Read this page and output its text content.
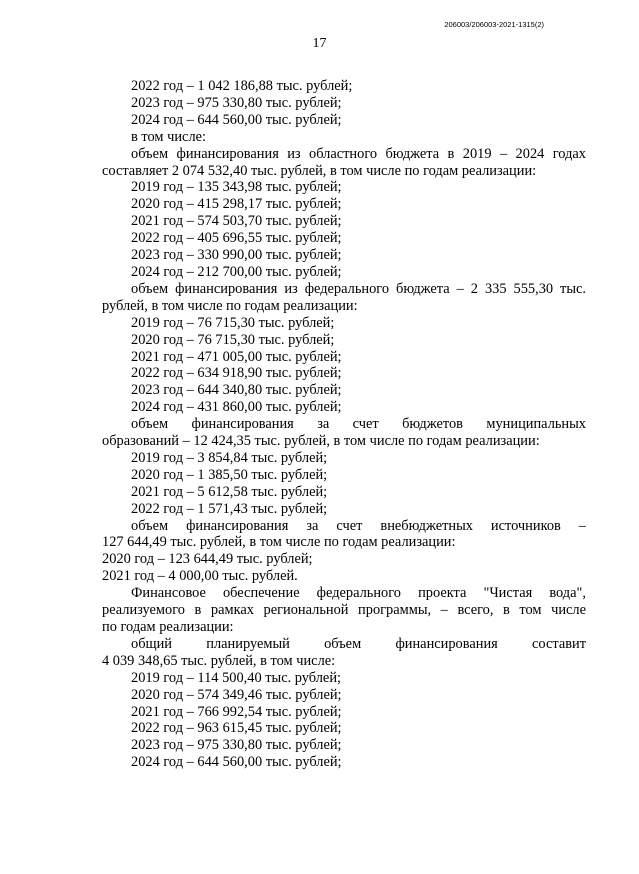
206003/206003-2021-1315(2)
17

2022 год – 1 042 186,88 тыс. рублей;

2023 год – 975 330,80 тыс. рублей;

2024 год – 644 560,00 тыс. рублей;

в том числе:

объем финансирования из областного бюджета в 2019 – 2024 годах

составляет 2 074 532,40 тыс. рублей, в том числе по годам реализации:

2019 год – 135 343,98 тыс. рублей;

2020 год – 415 298,17 тыс. рублей;

2021 год – 574 503,70 тыс. рублей;

2022 год – 405 696,55 тыс. рублей;

2023 год – 330 990,00 тыс. рублей;

2024 год – 212 700,00 тыс. рублей;

объем финансирования из федерального бюджета – 2 335 555,30 тыс.

рублей, в том числе по годам реализации:

2019 год – 76 715,30 тыс. рублей;

2020 год – 76 715,30 тыс. рублей;

2021 год – 471 005,00 тыс. рублей;

2022 год – 634 918,90 тыс. рублей;

2023 год – 644 340,80 тыс. рублей;

2024 год – 431 860,00 тыс. рублей;

объем финансирования за счет бюджетов муниципальных

образований – 12 424,35 тыс. рублей, в том числе по годам реализации:

2019 год – 3 854,84 тыс. рублей;

2020 год – 1 385,50 тыс. рублей;

2021 год – 5 612,58 тыс. рублей;

2022 год – 1 571,43 тыс. рублей;

объем финансирования за счет внебюджетных источников –

127 644,49 тыс. рублей, в том числе по годам реализации:

2020 год – 123 644,49 тыс. рублей;

2021 год – 4 000,00 тыс. рублей.

Финансовое обеспечение федерального проекта "Чистая вода",

реализуемого в рамках региональной программы, – всего, в том числе

по годам реализации:

общий планируемый объем финансирования составит

4 039 348,65 тыс. рублей, в том числе:

2019 год – 114 500,40 тыс. рублей;

2020 год – 574 349,46 тыс. рублей;

2021 год – 766 992,54 тыс. рублей;

2022 год – 963 615,45 тыс. рублей;

2023 год – 975 330,80 тыс. рублей;

2024 год – 644 560,00 тыс. рублей;
